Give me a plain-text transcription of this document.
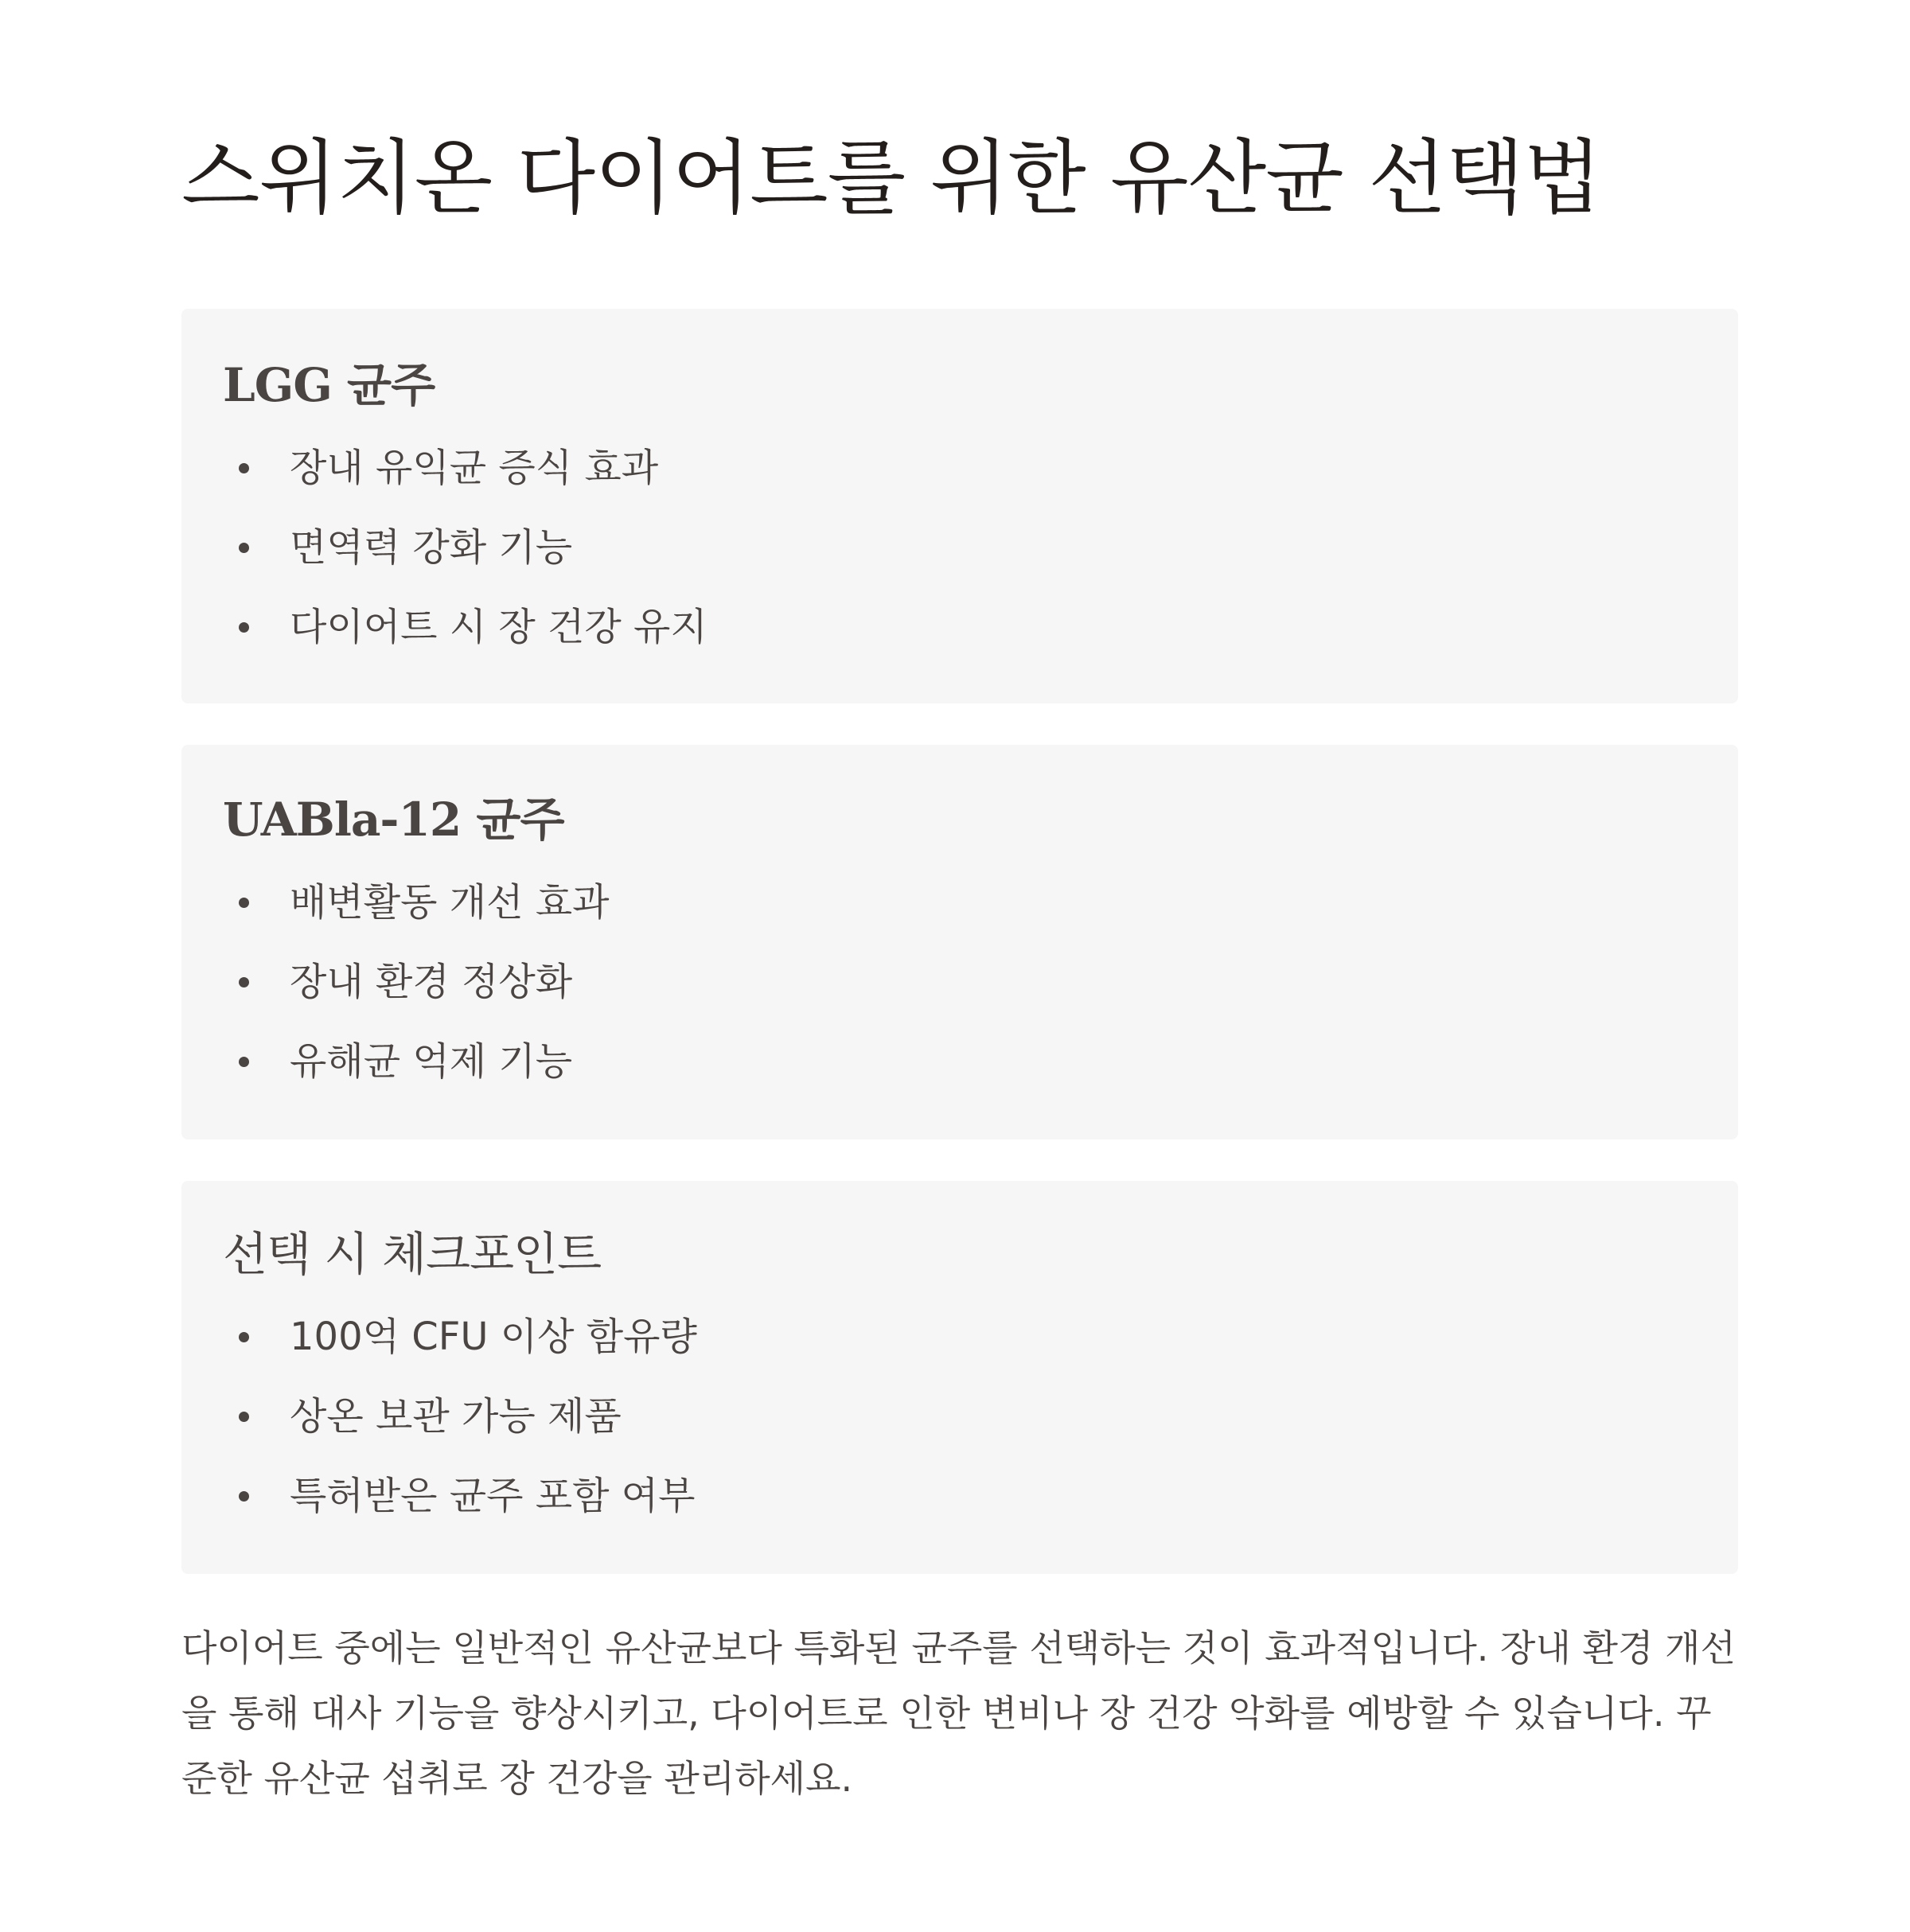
스위치온 다이어트를 위한 유산균 선택법
LGG 균주
장내 유익균 증식 효과
면역력 강화 기능
다이어트 시 장 건강 유지
UABla-12 균주
배변활동 개선 효과
장내 환경 정상화
유해균 억제 기능
선택 시 체크포인트
100억 CFU 이상 함유량
상온 보관 가능 제품
특허받은 균주 포함 여부

다이어트 중에는 일반적인 유산균보다 특화된 균주를 선택하는 것이 효과적입니다. 장내 환경 개선을 통해 대사 기능을 향상시키고, 다이어트로 인한 변비나 장 건강 악화를 예방할 수 있습니다. 꾸준한 유산균 섭취로 장 건강을 관리하세요.
